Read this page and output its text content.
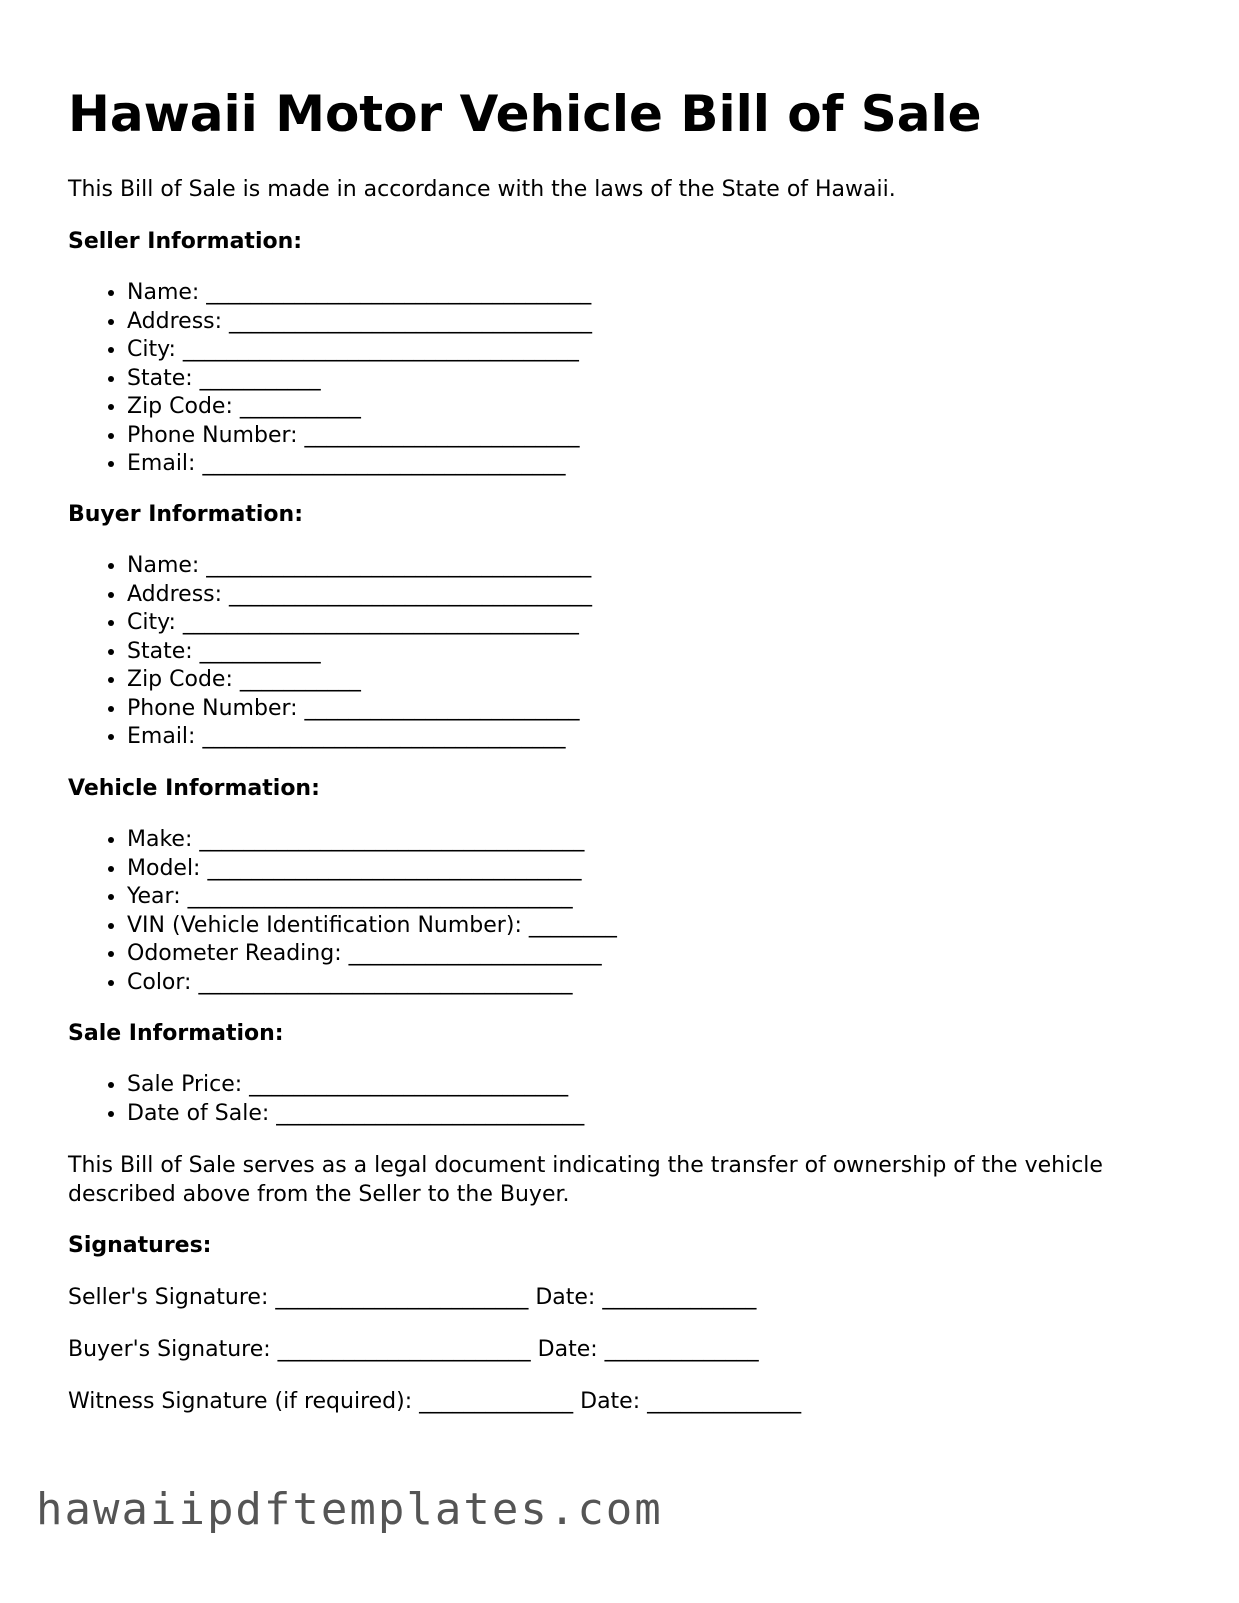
Hawaii Motor Vehicle Bill of Sale

This Bill of Sale is made in accordance with the laws of the State of Hawaii.

Seller Information:

• Name: ___________________________________
• Address: _________________________________
• City: ____________________________________
• State: ___________
• Zip Code: ___________
• Phone Number: _________________________
• Email: _________________________________

Buyer Information:

• Name: ___________________________________
• Address: _________________________________
• City: ____________________________________
• State: ___________
• Zip Code: ___________
• Phone Number: _________________________
• Email: _________________________________

Vehicle Information:

• Make: ___________________________________
• Model: __________________________________
• Year: ___________________________________
• VIN (Vehicle Identification Number): ________
• Odometer Reading: _______________________
• Color: __________________________________

Sale Information:

• Sale Price: _____________________________
• Date of Sale: ____________________________

This Bill of Sale serves as a legal document indicating the transfer of ownership of the vehicle described above from the Seller to the Buyer.

Signatures:

Seller's Signature: _______________________ Date: ______________

Buyer's Signature: _______________________ Date: ______________

Witness Signature (if required): ______________ Date: ______________

hawaiipdftemplates.com
